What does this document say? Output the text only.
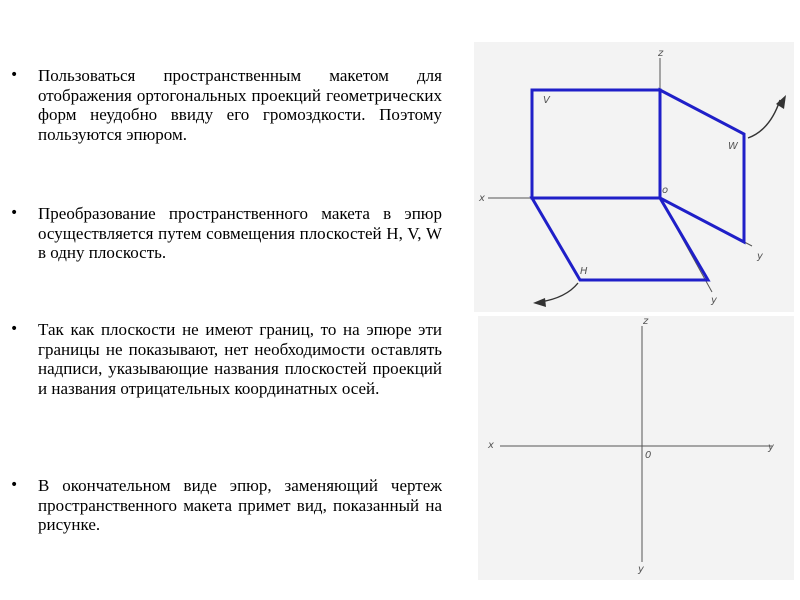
• Пользоваться пространственным макетом для отображения ортогональных проекций геометрических форм неудобно ввиду его громоздкости. Поэтому пользуются эпюром.
• Преобразование пространственного макета в эпюр осуществляется путем совмещения плоскостей H, V, W в одну плоскость.
• Так как плоскости не имеют границ, то на эпюре эти границы не показывают, нет необходимости оставлять надписи, указывающие названия плоскостей проекций и названия отрицательных координатных осей.
• В окончательном виде эпюр, заменяющий чертеж пространственного макета примет вид, показанный на рисунке.
z
x
y
y
o
V
W
H
z
x	y
y
0
